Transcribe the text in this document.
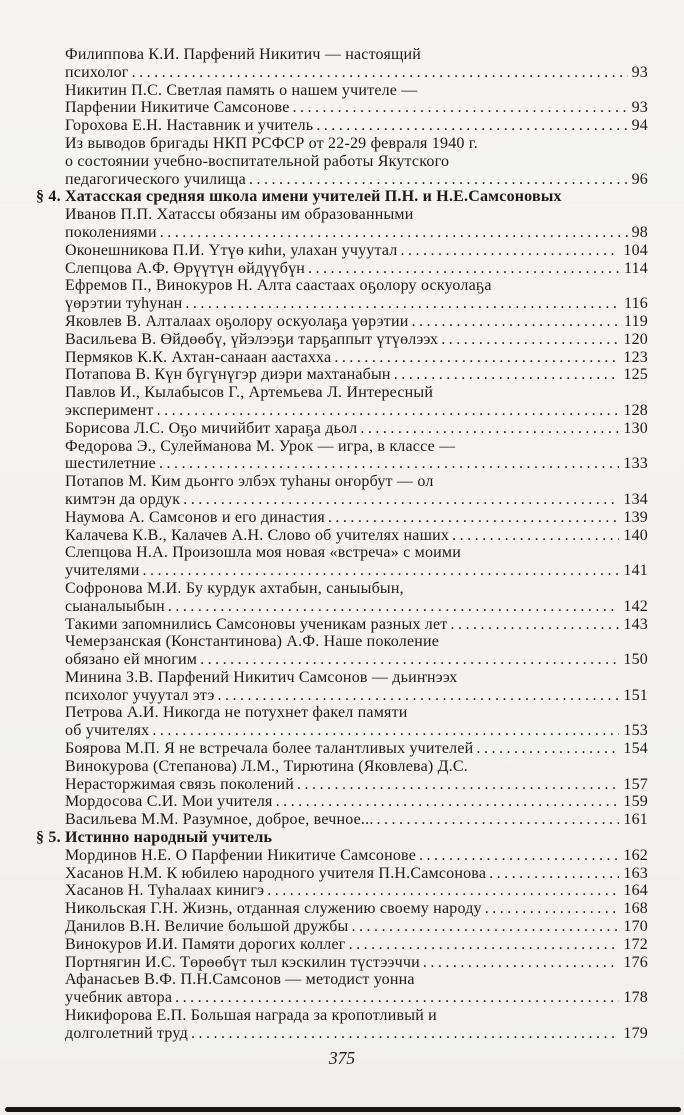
Филиппова К.И. Парфений Никитич — настоящий
психолог .....	93
Никитин П.С. Светлая память о нашем учителе —
Парфении Никитиче Самсонове .....	93
Горохова Е.Н. Наставник и учитель .....	94
Из выводов бригады НКП РСФСР от 22-29 февраля 1940 г.
о состоянии учебно-воспитательной работы Якутского
педагогического училища .....	96
§ 4. Хатасская средняя школа имени учителей П.Н. и Н.Е.Самсоновых
Иванов П.П. Хатассы обязаны им образованными
поколениями .....	98
Оконешникова П.И. Үтүө киһи, улахан учуутал .....	104
Слепцова А.Ф. Өрүүтүн өйдүүбүн .....	114
Ефремов П., Винокуров Н. Алта саастаах оҕолору оскуолаҕа
үөрэтии туһунан .....	116
Яковлев В. Алталаах оҕолору оскуолаҕа үөрэтии .....	119
Васильева В. Өйдөөбү, үйэлээҕи тарҕаппыт үтүөлээх .....	120
Пермяков К.К. Ахтан-санаан аастахха .....	123
Потапова В. Күн бүгүнүгэр диэри махтанабын .....	125
Павлов И., Кылабысов Г., Артемьева Л. Интересный
эксперимент .....	128
Борисова Л.С. Оҕо мичийбит хараҕа дьол .....	130
Федорова Э., Сулейманова М. Урок — игра, в классе —
шестилетние .....	133
Потапов М. Ким дьоҥго элбэх туһаны оҥорбут — ол
кимтэн да ордук .....	134
Наумова А. Самсонов и его династия .....	139
Калачева К.В., Калачев А.Н. Слово об учителях наших .....	140
Слепцова Н.А. Произошла моя новая «встреча» с моими
учителями .....	141
Софронова М.И. Бу курдук ахтабын, саныыбын,
сыаналыыбын .....	142
Такими запомнились Самсоновы ученикам разных лет .....	143
Чемерзанская (Константинова) А.Ф. Наше поколение
обязано ей многим .....	150
Минина З.В. Парфений Никитич Самсонов — дьиҥнээх
психолог учуутал этэ .....	151
Петрова А.И. Никогда не потухнет факел памяти
об учителях .....	153
Боярова М.П. Я не встречала более талантливых учителей .....	154
Винокурова (Степанова) Л.М., Тирютина (Яковлева) Д.С.
Нерасторжимая связь поколений .....	157
Мордосова С.И. Мои учителя .....	159
Васильева М.М. Разумное, доброе, вечное... .....	161
§ 5. Истинно народный учитель
Мординов Н.Е. О Парфении Никитиче Самсонове .....	162
Хасанов Н.М. К юбилею народного учителя П.Н.Самсонова .....	163
Хасанов Н. Туһалаах кинигэ .....	164
Никольская Г.Н. Жизнь, отданная служению своему народу .....	168
Данилов В.Н. Величие большой дружбы .....	170
Винокуров И.И. Памяти дорогих коллег .....	172
Портнягин И.С. Төрөөбүт тыл кэскилин түстээччи .....	176
Афанасьев В.Ф. П.Н.Самсонов — методист уонна
учебник автора .....	178
Никифорова Е.П. Большая награда за кропотливый и
долголетний труд .....	179
375
